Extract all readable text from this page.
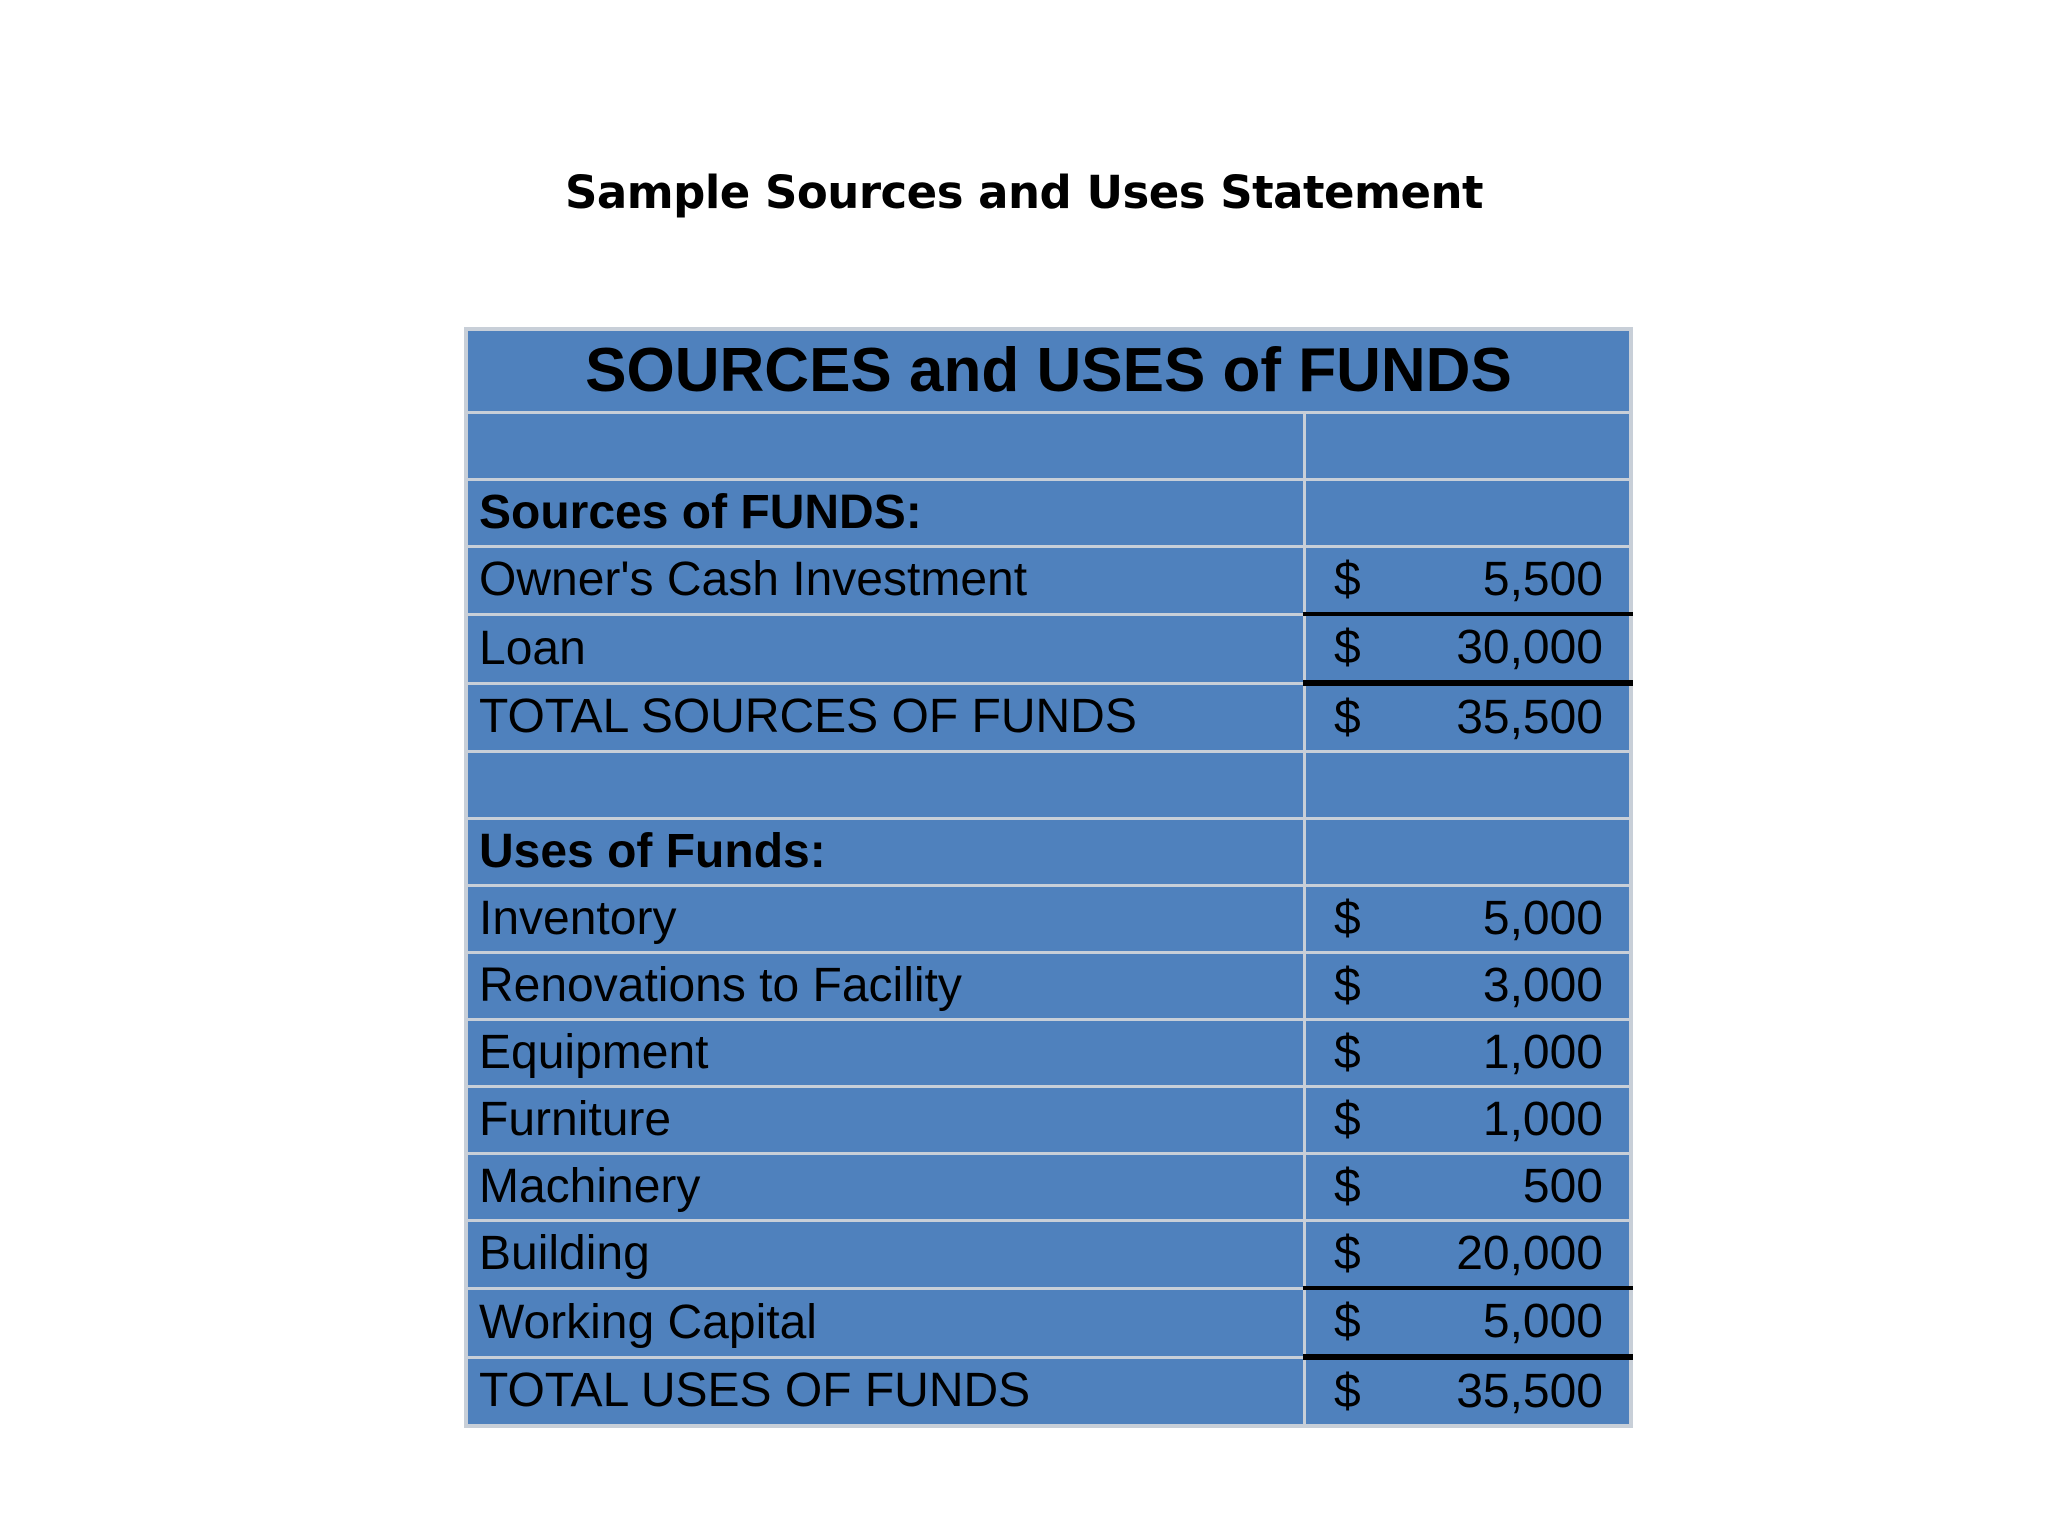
Sample Sources and Uses Statement
SOURCES and USES of FUNDS	

Sources of FUNDS:	
Owner's Cash Investment	$ 5,500

Loan	$ 30,000

TOTAL SOURCES OF FUNDS	$ 35,500

Uses of Funds:	
Inventory	$ 5,000

Renovations to Facility	$ 3,000

Equipment	$ 1,000

Furniture	$ 1,000

Machinery	$ 500

Building	$ 20,000

Working Capital	$ 5,000

TOTAL USES OF FUNDS	$ 35,500
